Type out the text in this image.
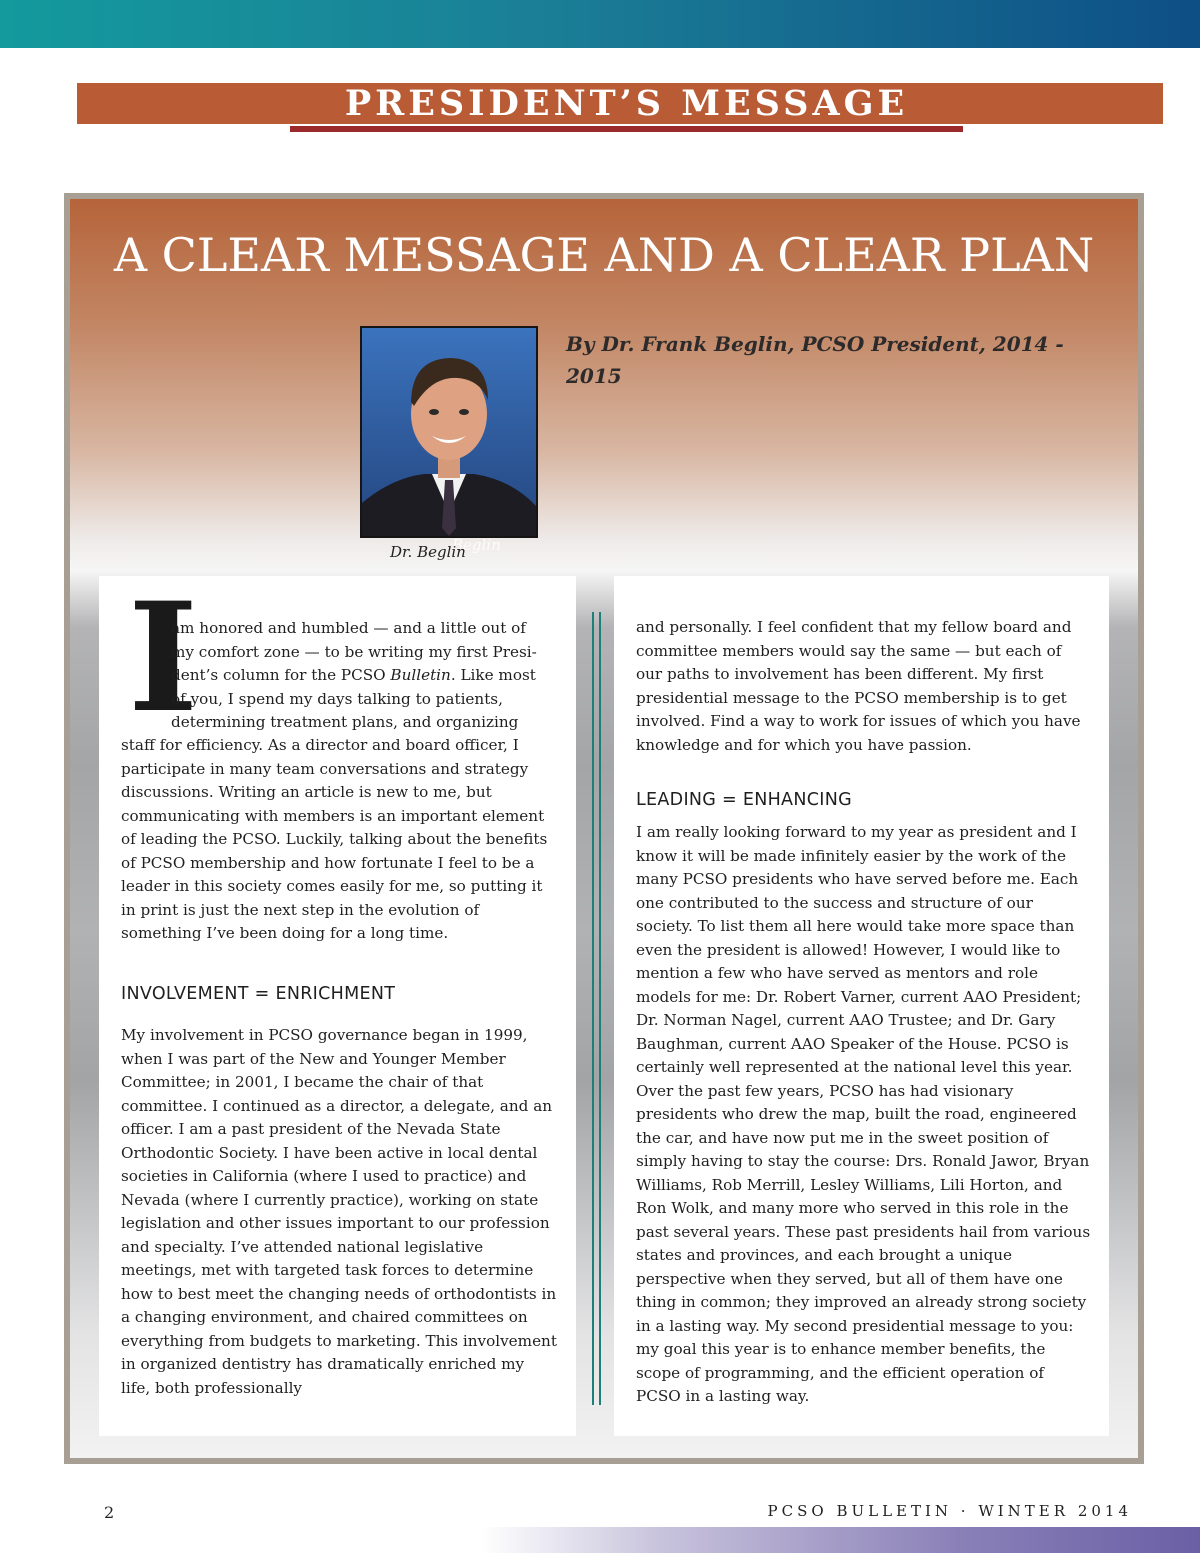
PRESIDENT’S MESSAGE
A CLEAR MESSAGE AND A CLEAR PLAN
Beglin
Dr. Beglin
By Dr. Frank Beglin, PCSO President, 2014 - 2015
I
am honored and humbled — and a little out of
my comfort zone — to be writing my first Presi-
dent’s column for the PCSO Bulletin. Like most
of you, I spend my days talking to patients,
determining treatment plans, and organizing
staff for efficiency. As a director and board officer, I participate in many team conversations and strategy discussions. Writing an article is new to me, but communicating with members is an important element of leading the PCSO. Luckily, talking about the benefits of PCSO membership and how fortunate I feel to be a leader in this society comes easily for me, so putting it in print is just the next step in the evolution of something I’ve been doing for a long time.
INVOLVEMENT = ENRICHMENT
My involvement in PCSO governance began in 1999, when I was part of the New and Younger Member Committee; in 2001, I became the chair of that committee. I continued as a director, a delegate, and an officer. I am a past president of the Nevada State Orthodontic Society. I have been active in local dental societies in California (where I used to practice) and Nevada (where I currently practice), working on state legislation and other issues important to our profession and specialty. I’ve attended national legislative meetings, met with targeted task forces to determine how to best meet the changing needs of orthodontists in a changing environment, and chaired committees on everything from budgets to marketing. This involvement in organized dentistry has dramatically enriched my life, both professionally
and personally. I feel confident that my fellow board and committee members would say the same — but each of our paths to involvement has been different. My first presidential message to the PCSO membership is to get involved. Find a way to work for issues of which you have knowledge and for which you have passion.
LEADING = ENHANCING
I am really looking forward to my year as president and I know it will be made infinitely easier by the work of the many PCSO presidents who have served before me. Each one contributed to the success and structure of our society. To list them all here would take more space than even the president is allowed! However, I would like to mention a few who have served as mentors and role models for me: Dr. Robert Varner, current AAO President; Dr. Norman Nagel, current AAO Trustee; and Dr. Gary Baughman, current AAO Speaker of the House. PCSO is certainly well represented at the national level this year. Over the past few years, PCSO has had visionary presidents who drew the map, built the road, engineered the car, and have now put me in the sweet position of simply having to stay the course: Drs. Ronald Jawor, Bryan Williams, Rob Merrill, Lesley Williams, Lili Horton, and Ron Wolk, and many more who served in this role in the past several years. These past presidents hail from various states and provinces, and each brought a unique perspective when they served, but all of them have one thing in common; they improved an already strong society in a lasting way. My second presidential message to you: my goal this year is to enhance member benefits, the scope of programming, and the efficient operation of PCSO in a lasting way.
2	PCSO BULLETIN · WINTER 2014
